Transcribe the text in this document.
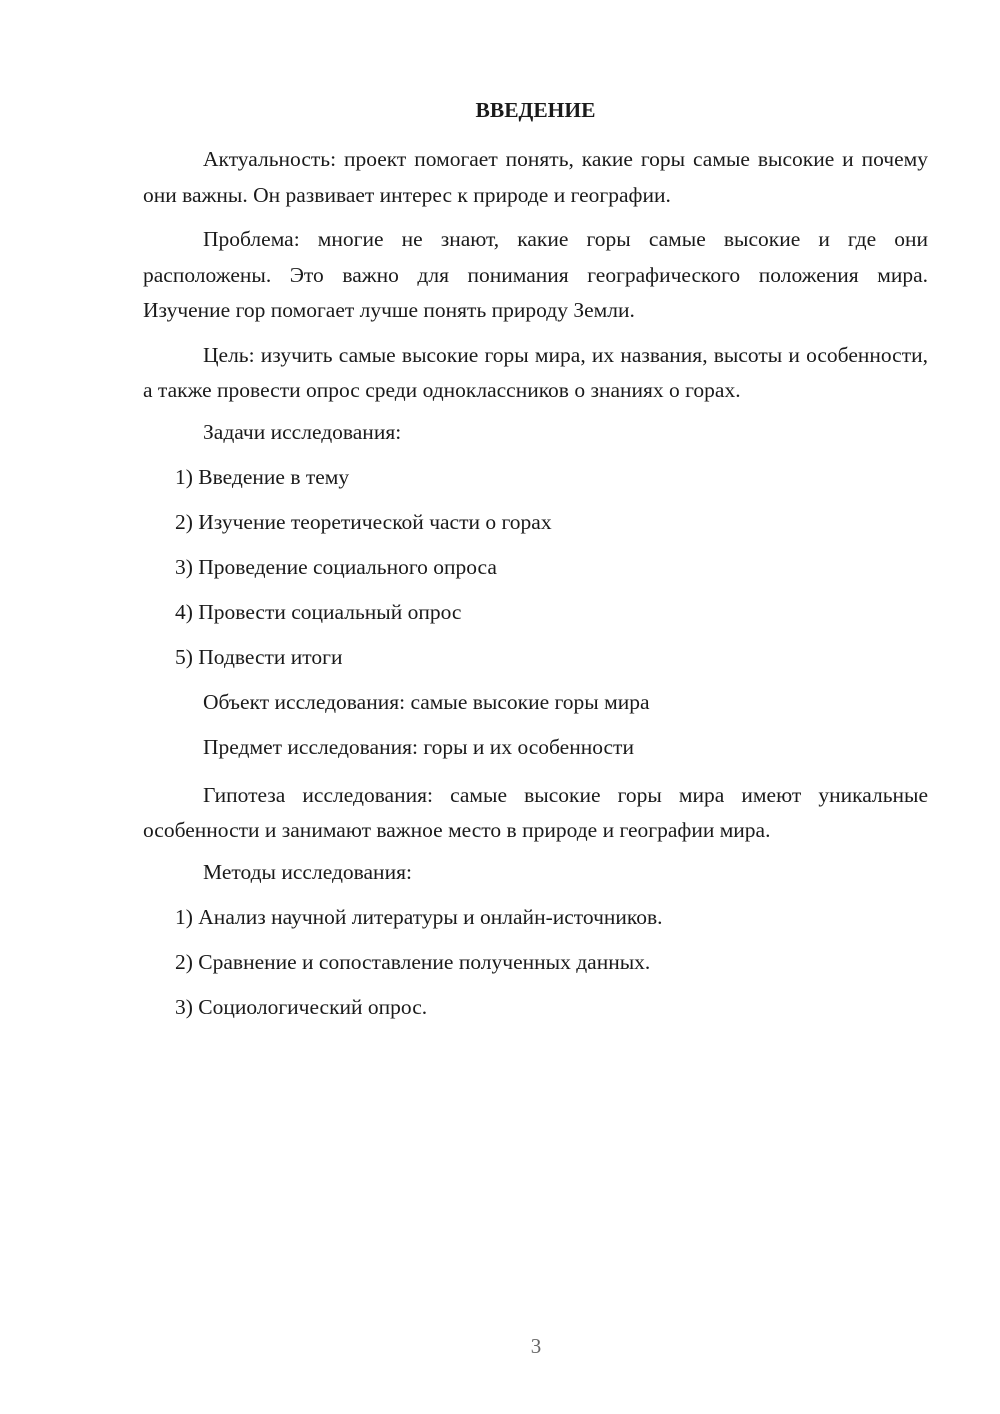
ВВЕДЕНИЕ

Актуальность: проект помогает понять, какие горы самые высокие и почему они важны. Он развивает интерес к природе и географии.

Проблема: многие не знают, какие горы самые высокие и где они расположены. Это важно для понимания географического положения мира. Изучение гор помогает лучше понять природу Земли.

Цель: изучить самые высокие горы мира, их названия, высоты и особенности, а также провести опрос среди одноклассников о знаниях о горах.

Задачи исследования:
1) Введение в тему
2) Изучение теоретической части о горах
3) Проведение социального опроса
4) Провести социальный опрос
5) Подвести итоги
Объект исследования: самые высокие горы мира
Предмет исследования: горы и их особенности

Гипотеза исследования: самые высокие горы мира имеют уникальные особенности и занимают важное место в природе и географии мира.

Методы исследования:
1) Анализ научной литературы и онлайн-источников.
2) Сравнение и сопоставление полученных данных.
3) Социологический опрос.
3
